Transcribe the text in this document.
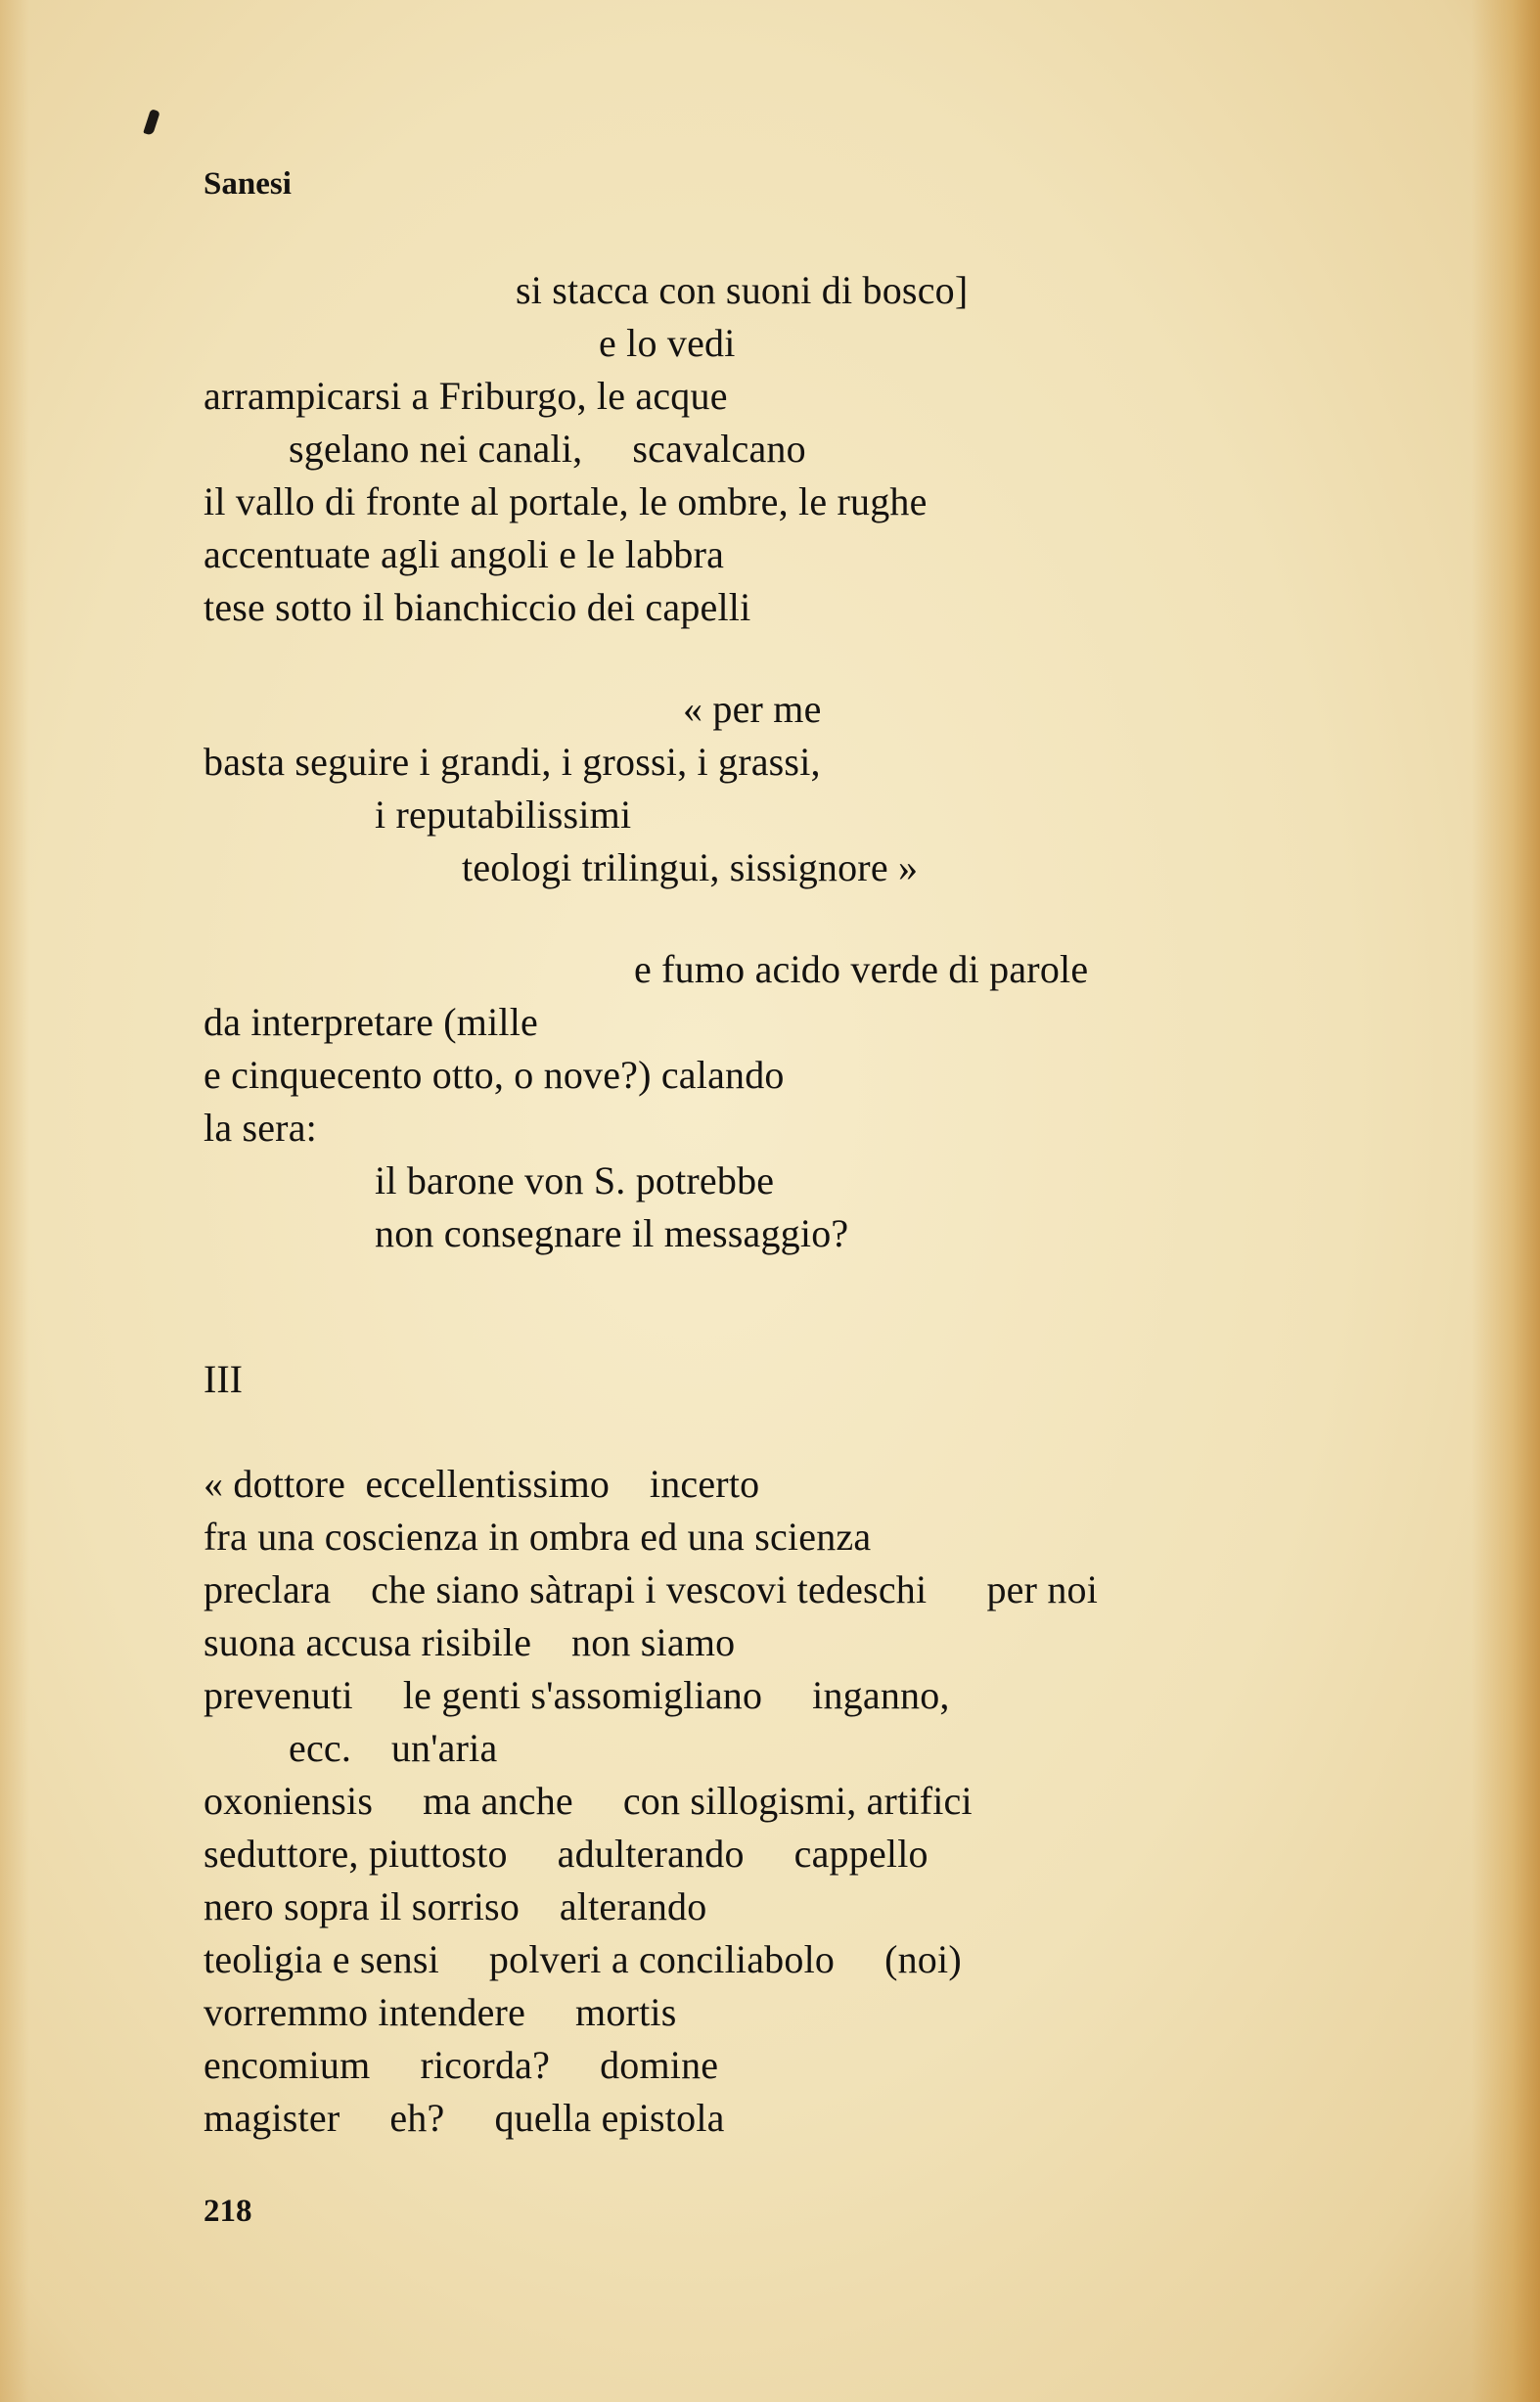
Sanesi
si stacca con suoni di bosco]
e lo vedi
arrampicarsi a Friburgo, le acque
sgelano nei canali,     scavalcano
il vallo di fronte al portale, le ombre, le rughe
accentuate agli angoli e le labbra
tese sotto il bianchiccio dei capelli
« per me
basta seguire i grandi, i grossi, i grassi,
i reputabilissimi
teologi trilingui, sissignore »
e fumo acido verde di parole
da interpretare (mille
e cinquecento otto, o nove?) calando
la sera:
il barone von S. potrebbe
non consegnare il messaggio?
III
« dottore  eccellentissimo    incerto
fra una coscienza in ombra ed una scienza
preclara    che siano sàtrapi i vescovi tedeschi      per noi
suona accusa risibile    non siamo
prevenuti     le genti s'assomigliano     inganno,
ecc.    un'aria
oxoniensis     ma anche     con sillogismi, artifici
seduttore, piuttosto     adulterando     cappello
nero sopra il sorriso    alterando
teoligia e sensi     polveri a conciliabolo     (noi)
vorremmo intendere     mortis
encomium     ricorda?     domine
magister     eh?     quella epistola
218
